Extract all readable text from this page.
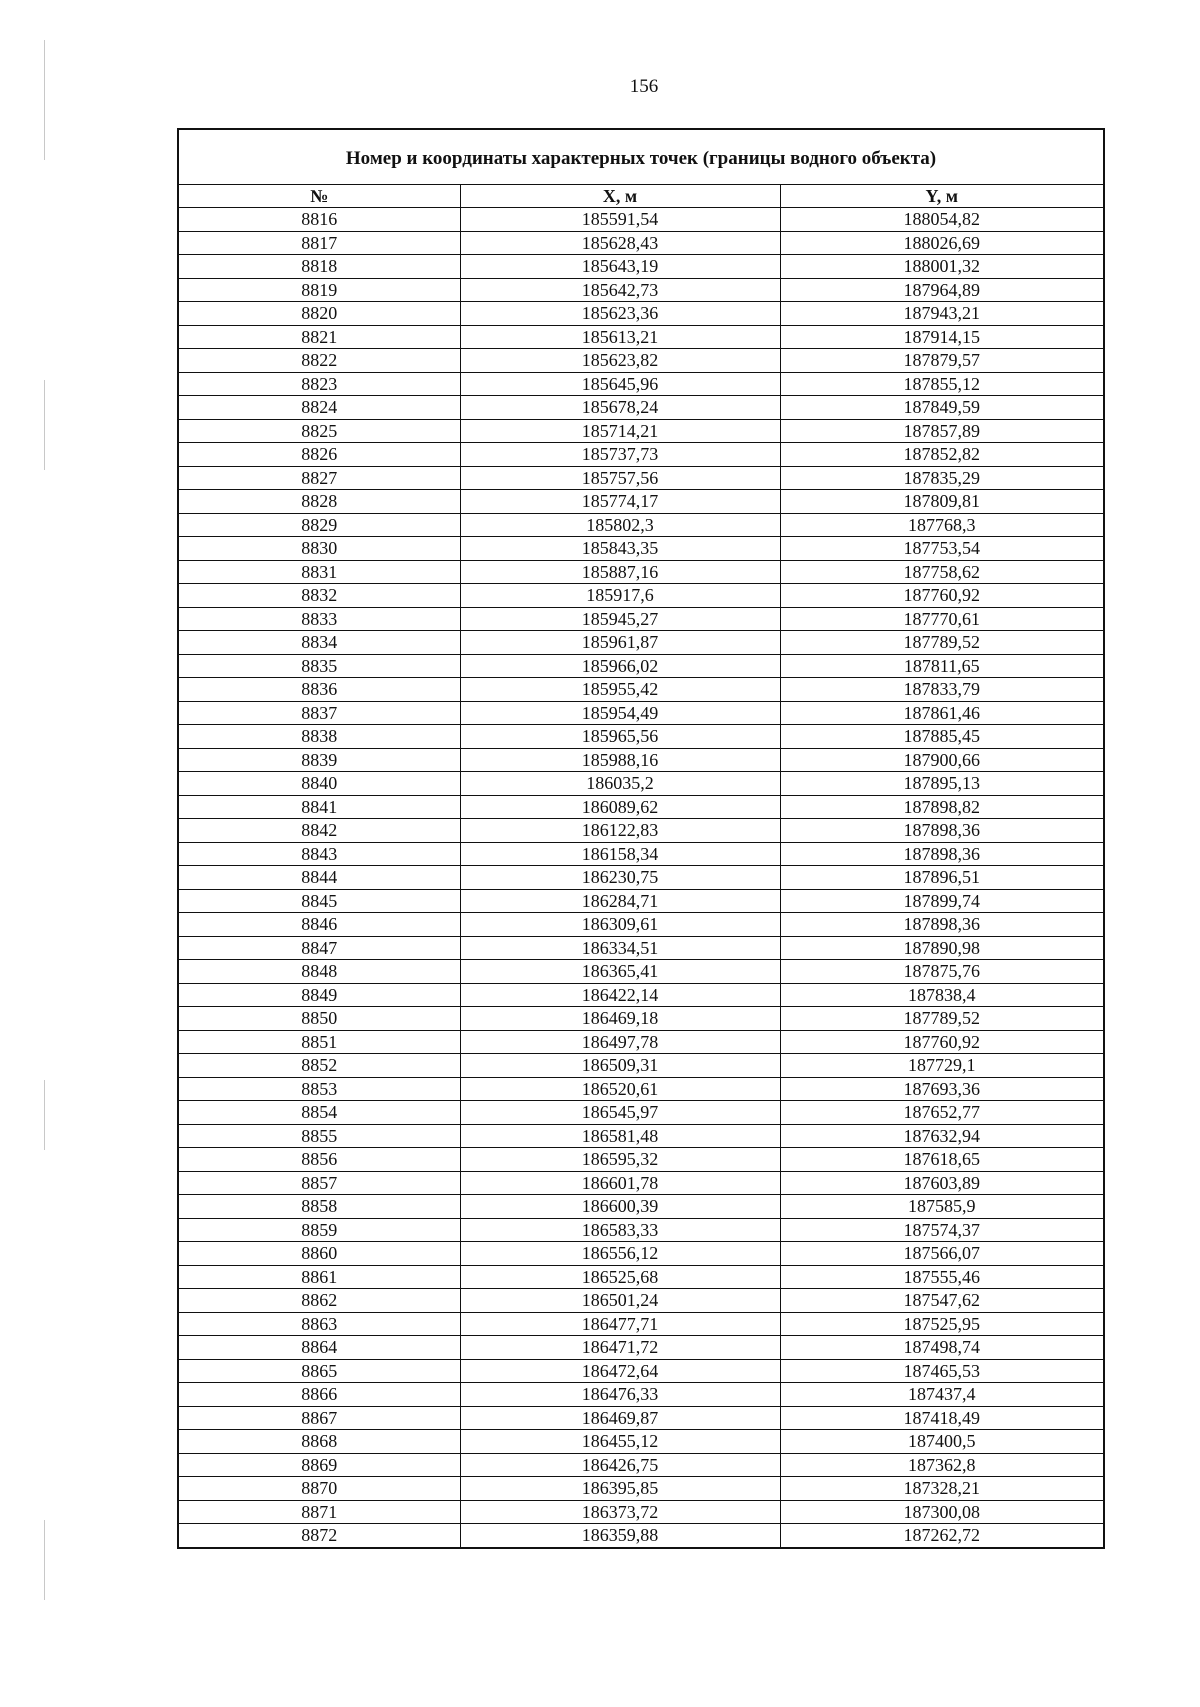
156
Номер и координаты характерных точек (границы водного объекта)		
№	X, м	Y, м
8816	185591,54	188054,82
8817	185628,43	188026,69
8818	185643,19	188001,32
8819	185642,73	187964,89
8820	185623,36	187943,21
8821	185613,21	187914,15
8822	185623,82	187879,57
8823	185645,96	187855,12
8824	185678,24	187849,59
8825	185714,21	187857,89
8826	185737,73	187852,82
8827	185757,56	187835,29
8828	185774,17	187809,81
8829	185802,3	187768,3
8830	185843,35	187753,54
8831	185887,16	187758,62
8832	185917,6	187760,92
8833	185945,27	187770,61
8834	185961,87	187789,52
8835	185966,02	187811,65
8836	185955,42	187833,79
8837	185954,49	187861,46
8838	185965,56	187885,45
8839	185988,16	187900,66
8840	186035,2	187895,13
8841	186089,62	187898,82
8842	186122,83	187898,36
8843	186158,34	187898,36
8844	186230,75	187896,51
8845	186284,71	187899,74
8846	186309,61	187898,36
8847	186334,51	187890,98
8848	186365,41	187875,76
8849	186422,14	187838,4
8850	186469,18	187789,52
8851	186497,78	187760,92
8852	186509,31	187729,1
8853	186520,61	187693,36
8854	186545,97	187652,77
8855	186581,48	187632,94
8856	186595,32	187618,65
8857	186601,78	187603,89
8858	186600,39	187585,9
8859	186583,33	187574,37
8860	186556,12	187566,07
8861	186525,68	187555,46
8862	186501,24	187547,62
8863	186477,71	187525,95
8864	186471,72	187498,74
8865	186472,64	187465,53
8866	186476,33	187437,4
8867	186469,87	187418,49
8868	186455,12	187400,5
8869	186426,75	187362,8
8870	186395,85	187328,21
8871	186373,72	187300,08
8872	186359,88	187262,72
